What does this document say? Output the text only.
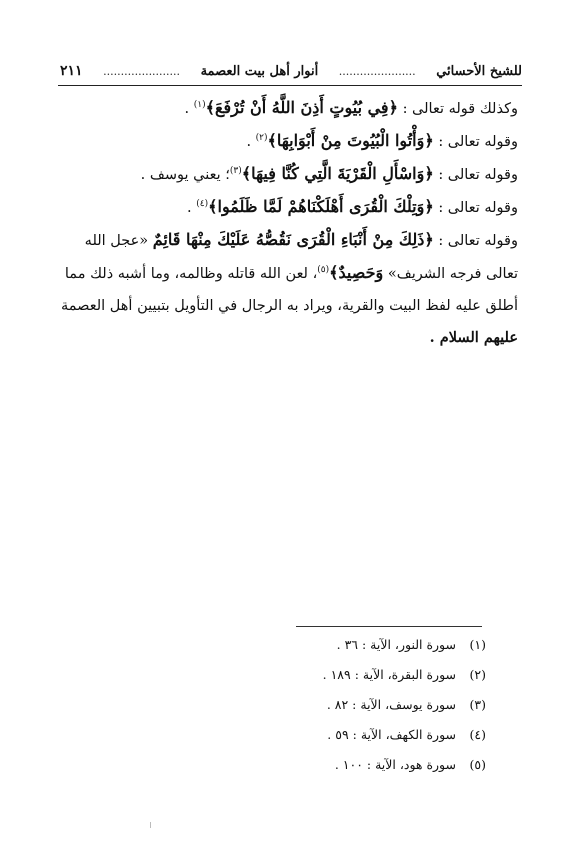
للشيخ الأحسائي
......................
أنوار أهل بيت العصمة
......................
٢١١
وكذلك قوله تعالى : ﴿فِي بُيُوتٍ أَذِنَ اللَّهُ أَنْ تُرْفَعَ﴾$^{(١)}$ .
وقوله تعالى : ﴿وَأْتُوا الْبُيُوتَ مِنْ أَبْوَابِهَا﴾$^{(٢)}$ .
وقوله تعالى : ﴿وَاسْأَلِ الْقَرْيَةَ الَّتِي كُنَّا فِيهَا﴾$^{(٣)}$؛ يعني يوسف .
وقوله تعالى : ﴿وَتِلْكَ الْقُرَى أَهْلَكْنَاهُمْ لَمَّا ظَلَمُوا﴾$^{(٤)}$ .
وقوله تعالى : ﴿ذَلِكَ مِنْ أَنْبَاءِ الْقُرَى نَقُصُّهُ عَلَيْكَ مِنْهَا قَائِمٌ «عجل الله
تعالى فرجه الشريف» وَحَصِيدٌ﴾$^{(٥)}$، لعن الله قاتله وظالمه، وما أشبه ذلك مما
أطلق عليه لفظ البيت والقرية، ويراد به الرجال في التأويل بتبيين أهل العصمة
عليهم السلام .
(١)
سورة النور، الآية : ٣٦ .
(٢)
سورة البقرة، الآية : ١٨٩ .
(٣)
سورة يوسف، الآية : ٨٢ .
(٤)
سورة الكهف، الآية : ٥٩ .
(٥)
سورة هود، الآية : ١٠٠ .
